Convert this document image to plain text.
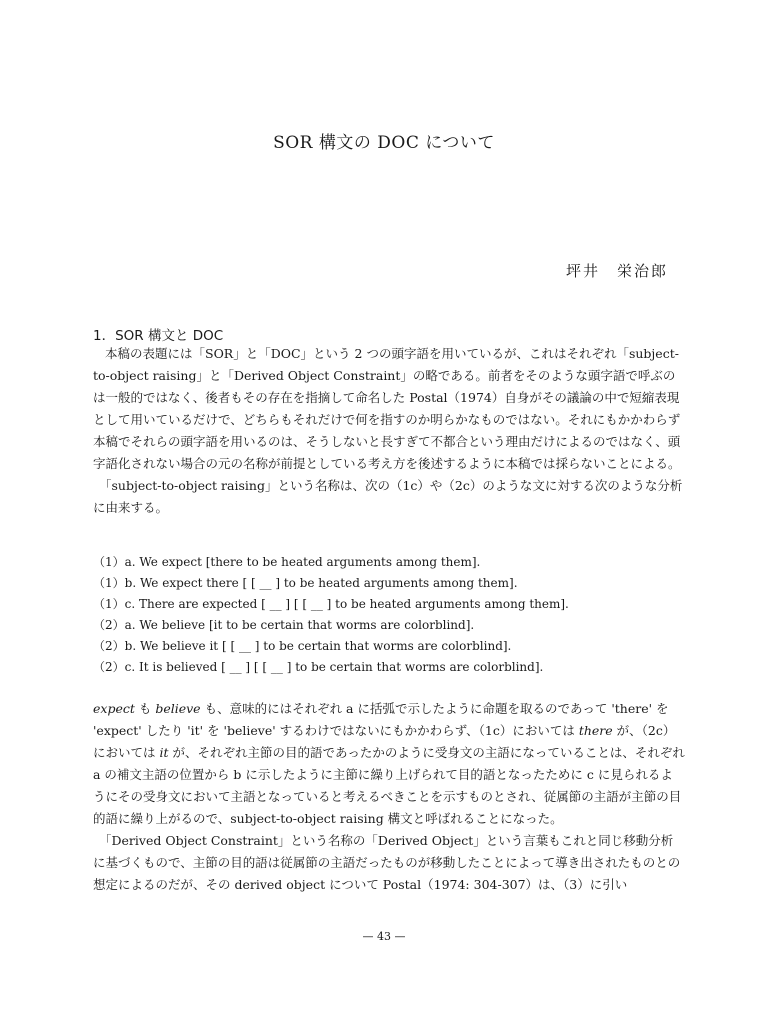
SOR 構文の DOC について
坪井　栄治郎
1．SOR 構文と DOC

本稿の表題には「SOR」と「DOC」という 2 つの頭字語を用いているが、これはそれぞれ「subject-to-object raising」と「Derived Object Constraint」の略である。前者をそのような頭字語で呼ぶのは一般的ではなく、後者もその存在を指摘して命名した Postal（1974）自身がその議論の中で短縮表現として用いているだけで、どちらもそれだけで何を指すのか明らかなものではない。それにもかかわらず本稿でそれらの頭字語を用いるのは、そうしないと長すぎて不都合という理由だけによるのではなく、頭字語化されない場合の元の名称が前提としている考え方を後述するように本稿では採らないことによる。

「subject-to-object raising」という名称は、次の（1c）や（2c）のような文に対する次のような分析に由来する。

（1）a. We expect [there to be heated arguments among them].
（1）b. We expect there [ [ __ ] to be heated arguments among them].
（1）c. There are expected [ __ ] [ [ __ ] to be heated arguments among them].
（2）a. We believe [it to be certain that worms are colorblind].
（2）b. We believe it [ [ __ ] to be certain that worms are colorblind].
（2）c. It is believed [ __ ] [ [ __ ] to be certain that worms are colorblind].

expect も believe も、意味的にはそれぞれ a に括弧で示したように命題を取るのであって 'there' を 'expect' したり 'it' を 'believe' するわけではないにもかかわらず、（1c）においては there が、（2c）においては it が、それぞれ主節の目的語であったかのように受身文の主語になっていることは、それぞれ a の補文主語の位置から b に示したように主節に繰り上げられて目的語となったために c に見られるようにその受身文において主語となっていると考えるべきことを示すものとされ、従属節の主語が主節の目的語に繰り上がるので、subject-to-object raising 構文と呼ばれることになった。

「Derived Object Constraint」という名称の「Derived Object」という言葉もこれと同じ移動分析に基づくもので、主節の目的語は従属節の主語だったものが移動したことによって導き出されたものとの想定によるのだが、その derived object について Postal（1974: 304-307）は、（3）に引い

— 43 —
